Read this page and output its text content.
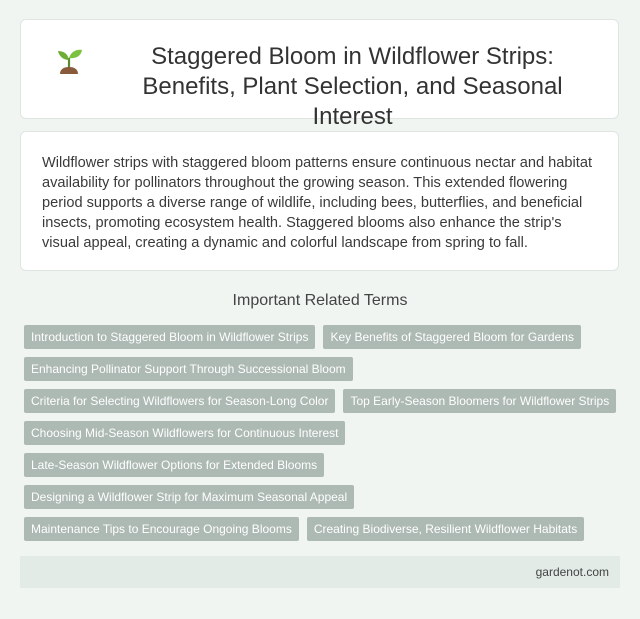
Staggered Bloom in Wildflower Strips: Benefits, Plant Selection, and Seasonal Interest

Wildflower strips with staggered bloom patterns ensure continuous nectar and habitat availability for pollinators throughout the growing season. This extended flowering period supports a diverse range of wildlife, including bees, butterflies, and beneficial insects, promoting ecosystem health. Staggered blooms also enhance the strip's visual appeal, creating a dynamic and colorful landscape from spring to fall.

Important Related Terms
Introduction to Staggered Bloom in Wildflower Strips	Key Benefits of Staggered Bloom for Gardens
Enhancing Pollinator Support Through Successional Bloom
Criteria for Selecting Wildflowers for Season-Long Color	Top Early-Season Bloomers for Wildflower Strips
Choosing Mid-Season Wildflowers for Continuous Interest
Late-Season Wildflower Options for Extended Blooms
Designing a Wildflower Strip for Maximum Seasonal Appeal
Maintenance Tips to Encourage Ongoing Blooms	Creating Biodiverse, Resilient Wildflower Habitats
gardenot.com
